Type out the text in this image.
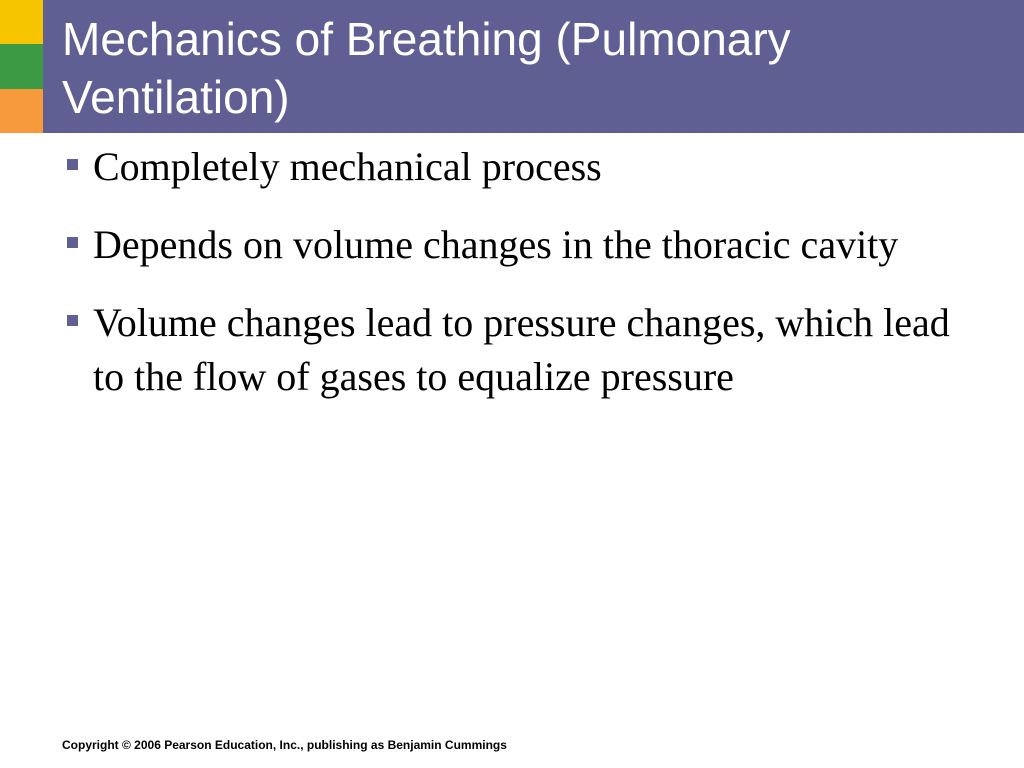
Mechanics of Breathing (Pulmonary Ventilation)
Completely mechanical process
Depends on volume changes in the thoracic cavity
Volume changes lead to pressure changes, which lead to the flow of gases to equalize pressure

Copyright © 2006 Pearson Education, Inc., publishing as Benjamin Cummings
